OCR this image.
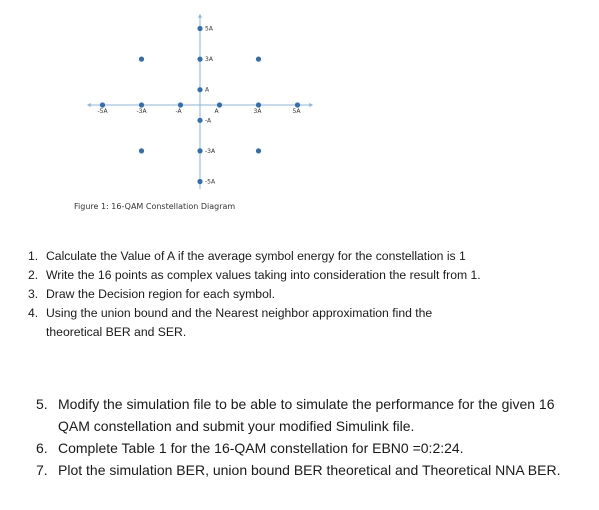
-5A	-3A	-A	A	3A	5A
5A
3A
A
-A
-3A
-5A
Figure 1: 16-QAM Constellation Diagram
1. Calculate the Value of A if the average symbol energy for the constellation is 1
2. Write the 16 points as complex values taking into consideration the result from 1.
3. Draw the Decision region for each symbol.
4. Using the union bound and the Nearest neighbor approximation find the theoretical BER and SER.
5. Modify the simulation file to be able to simulate the performance for the given 16 QAM constellation and submit your modified Simulink file.
6. Complete Table 1 for the 16-QAM constellation for EBN0 =0:2:24.
7. Plot the simulation BER, union bound BER theoretical and Theoretical NNA BER.
